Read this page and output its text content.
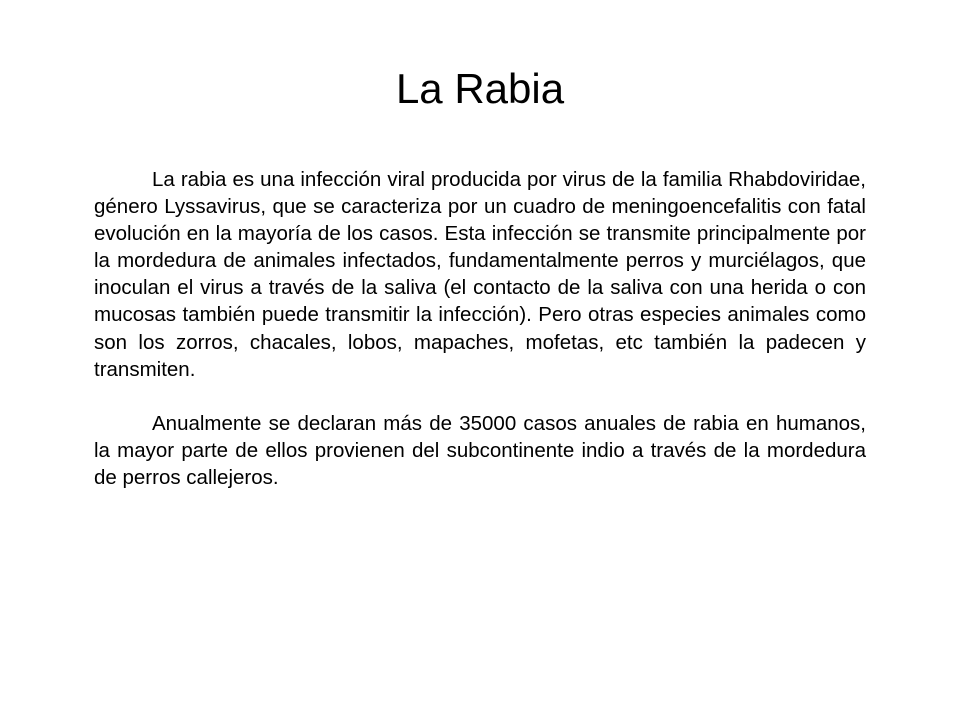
La Rabia

La rabia es una infección viral producida por virus de la familia Rhabdoviridae, género Lyssavirus, que se caracteriza por un cuadro de meningoencefalitis con fatal evolución en la mayoría de los casos. Esta infección se transmite principalmente por la mordedura de animales infectados, fundamentalmente perros y murciélagos, que inoculan el virus a través de la saliva (el contacto de la saliva con una herida o con mucosas también puede transmitir la infección). Pero otras especies animales como son los zorros, chacales, lobos, mapaches, mofetas, etc también la padecen y transmiten.

Anualmente se declaran más de 35000 casos anuales de rabia en humanos, la mayor parte de ellos provienen del subcontinente indio a través de la mordedura de perros callejeros.
